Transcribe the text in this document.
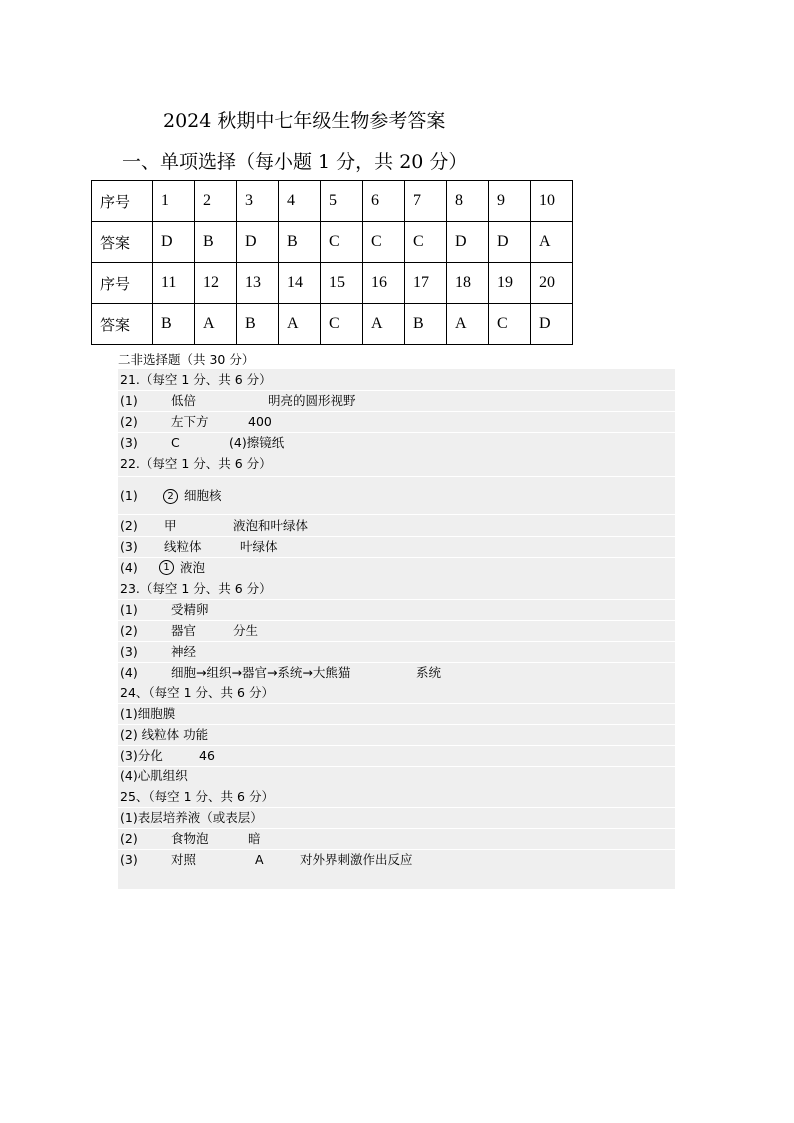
2024 秋期中七年级生物参考答案
一、单项选择（每小题 1 分，共 20 分）
序号	1	2	3	4	5	6	7	8	9	10
答案	D	B	D	B	C	C	C	D	D	A
序号	11	12	13	14	15	16	17	18	19	20
答案	B	A	B	A	C	A	B	A	C	D
二非选择题（共 30 分）
21.（每空 1 分、共 6 分）
(1)	低倍	明亮的圆形视野
(2)	左下方	400
(3)	C	(4)擦镜纸
22.（每空 1 分、共 6 分）
(1)	2 细胞核
(2) 甲	液泡和叶绿体
(3) 线粒体	叶绿体
(4)	1 液泡
23.（每空 1 分、共 6 分）
(1)	受精卵
(2)	器官	分生
(3)	神经
(4)	细胞→组织→器官→系统→大熊猫	系统
24、（每空 1 分、共 6 分）
(1)细胞膜
(2) 线粒体 功能
(3)分化	46
(4)心肌组织
25、（每空 1 分、共 6 分）
(1)表层培养液（或表层）
(2)	食物泡	暗
(3)	对照	A	对外界刺激作出反应
